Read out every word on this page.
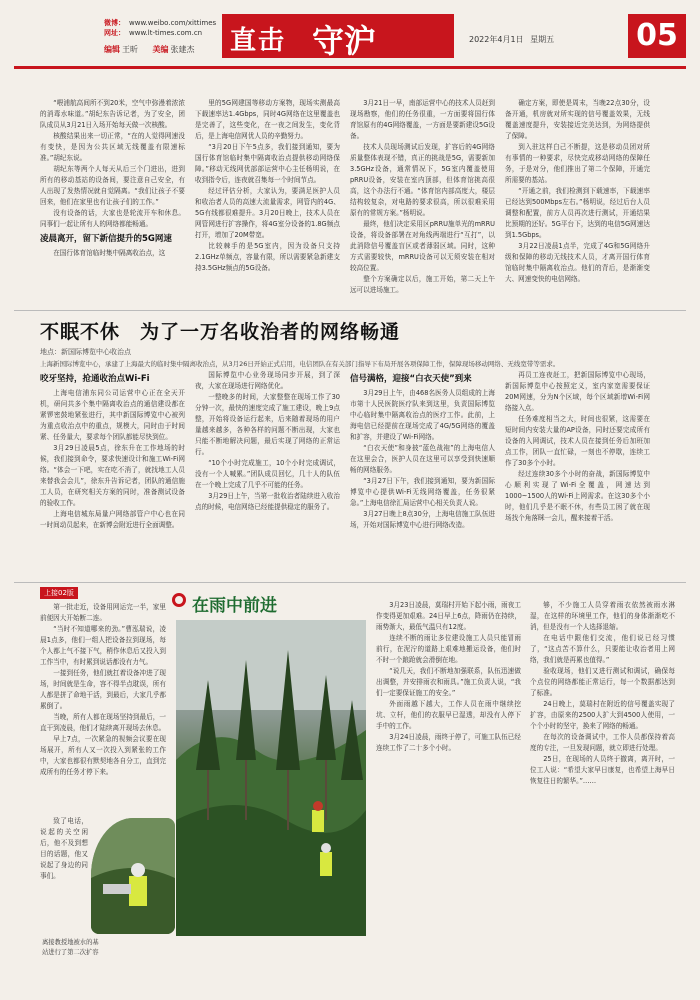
微博： www.weibo.com/xittimes
网址： www.lt-times.com.cn
编辑 王昕 美编 张建杰	直击 守沪	2022年4月1日 星期五	05

“喂浦航高间所不到20米，空气中弥漫着浓浓的消毒水味道。”胡纪东告诉记者，为了安全，团队成员从3月21日入场开始每天做一次核酸。

核酸结果出来一切正常，“在的人觉得网速没有变快，是因为公共区域无线覆盖有限速标准。”胡纪东说。

胡纪东等两个人每天从后三个门进出，进到所有的移动基站的设备间，要注意自己安全，有人出现了发热情况就自觉隔离。“我们让孩子不要回来，他们在家里也有让孩子们的工作。”

没有设备的话，大家也是轮流开车和休息。同事们一起让所有人的网络都能畅通。

凌晨离开，留下新信提升的5G网速

在国行体育馆临时集中隔离收治点，这

里的5G网建国等移动方案物，现场实测最高下载速率达1.4Gbps，同时4G网络在这里覆盖也是完善了，这些变化，在一夜之间发生，变化背后，是上海电信网优人员的辛勤努力。

“3月20日下午5点多，我们接到通知，要为国行体育馆临时集中隔离收治点提供移动网络保障。”移动无线网优部部运营中心主任杨明说，在收到指令后，连夜就召集每一个时间节点。

经过评估分析，大家认为，要满足医护人员和收治者人员的高速大流量需求，网管内的4G、5G有线都很难提升。3月20日晚上，技术人员在网管网进行扩容操作，将4G室分设备的1.8G频点打开，增加了20M带宽。

比较棘手的是5G室内，因为设备只支持2.1GHz单频点，容量有限，所以需要紧急新建支持3.5GHz频点的5G设备。

3月21日一早，南部运营中心的技术人员赶到现场勘察，他们的任务很重，一方面要将国行体育馆原有的4G网络覆盖，一方面是要新建设5G设备。

技术人员现场测试后发现，扩容后的4G网络质量整体表现不错，真正的挑战是5G，需要新加3.5GHz设备，通常情况下，5G室内覆盖使用pRRU设备，安装在室内顶部，但体育馆挑高很高，这个办法行不通。“体育馆内部高度大，楼层结构较复杂，对电路的要求很高，所以很难采用原有的常规方案。”杨明说。

最终，他们决定采用区pRRU施单光的mRRU设备，将设备部署在对角线两端进行“互打”，以此消除信号覆盖盲区或者薄弱区域。同时，这种方式需要较快，mRRU设备可以无须安装在相对较高位置。

整个方案确定以后，施工开始，第二天上午远可以进场施工。

确定方案，即使是周末，当晚22点30分，设备开通，机房就对所实现的信号覆盖效果，无线覆盖速度提升，安装接近完美达到，为网络提供了保障。

到入驻这样白己不断提，这是移动员团对所有事情的一种要求，尽快完成移动网络的保障任务，于是对分，他们推出了第二个保障，开通完所需要的基站。

“开通之前，我们检测到下载速率，下载速率已经达到500Mbps左右。”杨明说，经过后台人员调整和配置，前方人员再次进行测试，开通结果比预期的还好。5G平台下，达到的电信5G网速达到1.5Gbps。

3月22日凌晨1点半，完成了4G和5G网络升级和保障的移动无线技术人员，才离开国行体育馆临时集中隔离收治点。他们的背后，是渐渐变大、网速变快的电信网络。

不眠不休　为了一万名收治者的网络畅通
地点：新国际博览中心收治点
上海新国际博览中心，承建了上海最大的临时集中隔离收治点，从3月26日开始正式启用，电信团队在有关部门指导下布局开展各项保障工作，保障现场移动网络、无线宽带等需求。
咬牙坚持，抢通收治点Wi-Fi

上海电信浦东同公司运营中心正在全天开机，研问共多个集中隔离收治点的通信建设都在紧锣密鼓地紧张进行，其中新国际博览中心被列为重点收治点中的重点，规模大，同时由于时间紧、任务量大，要求每个团队都能尽快到位。

3月29日凌晨5点，徐东升在工作地场的时候，我们接到命令，要求快速设计和施工Wi-Fi网络。“体会一下吧，实在吃不消了，就找地工人员来替我会会儿”，徐东升告诉记者，团队的通信施工人员，在研究相关方案的同时，准备测试设备的验收工作。

上海电信城东局量户网络部管户中心也在同一时间动员起来，在新博会附近进行全面调整。

国际博览中心业务现场同步开展，到了深夜，大家在现场进行网络优化。

一整晚多的时间，大家整整在现场工作了30分钟一次，最快的速度完成了施工建设，晚上9点整，开始将设备运行起来，后来随着现场的用户量越来越多，各种各样的问题不断出现，大家也只能不断地解决问题，最后实现了网络的正常运行。

“10个小时完成施工，10个小时完成调试，没有一个人喊累。”团队成员回忆，几十人的队伍在一个晚上完成了几乎不可能的任务。

3月29日上午，当第一批收治者陆续进入收治点的时候，电信网络已经能提供稳定的服务了。

信号满格，迎接“白衣天使”到来

3月29日上午，由468名医务人员组成的上海市第十人民医院医疗队来到这里，负责国际博览中心临时集中隔离收治点的医疗工作。此前，上海电信已经提前在现场完成了4G/5G网络的覆盖和扩容，并建设了Wi-Fi网络。

“白衣天使”和身披“蓝色战袍”的上海电信人在这里会合，医护人员在这里可以享受到快速顺畅的网络服务。

“3月27日下午，我们接到通知，要为新国际博览中心提供Wi-Fi无线网络覆盖，任务很紧急。”上海电信徐汇局运营中心相关负责人说。

3月27日晚上8点30分，上海电信施工队伍进场，开始对国际博览中心进行网络改造。

再员工连夜赶工，把新国际博览中心现场，新国际博览中心按照定义，室内家宽需要保证20M网速，分为N个区域，每个区域新增Wi-Fi网络接入点。

任务难度相当之大，时间也很紧，这需要在短时间内安装大量的AP设备，同时还要完成所有设备的入网调试，技术人员在接到任务后加班加点工作，团队一直忙碌，一刻也不停歇，连续工作了30多个小时。

经过连续30多个小时的奋战，新国际博览中心顺利实现了Wi-Fi全覆盖，网速达到1000~1500人的Wi-Fi上网需求。在这30多个小时，他们几乎是不眠不休，有些员工困了就在现场找个角落眯一会儿，醒来接着干活。

上接02版

第一批走近，设备用网运完一半，家里前便因大开始断二连。

“当时不知道哪来的劲。”曹泓瑞说，凌晨1点多，他们一组人把设备拉到现场，每个人都上气不接下气，稍作休息后又投入到工作当中，有时累到说话都没有力气。

一接到任务，他们就扛着设备冲进了现场，时间就是生命，容不得半点耽误，所有人都是拼了命地干活，到最后，大家几乎都累倒了。

当晚，所有人都在现场坚持到最后，一直干到凌晨，他们才陆续离开现场去休息。

早上7点，一次紧急的视频会议要在现场展开，所有人又一次投入到紧张的工作中，大家也都很有默契地各自分工，直到完成所有的任务才停下来。

致了电话，说起的关空闲后，他不及到想目的话题，他又说起了身边的同事们。

在雨中前进
离接教授地被水的基
站进行了第二次扩容

3月23日凌晨，莫瑞村开始下起小雨，雨夜工作变得更加艰难。24日早上6点，降雨仍在持续，雨势渐大，最低气温只有12度。

连续不断的雨让多位建设施工人员只能冒雨前行，在泥泞的道路上艰难地搬运设备，他们时不时一个踉跄就会滑倒在地。

“说几天，我们不断地加强联系，队伍迅速做出调整，并安排雨衣和雨具。”施工负责人说，“我们一定要保证施工的安全。”

外面雨越下越大，工作人员在雨中继续挖坑、立杆，他们的衣服早已湿透，却没有人停下手中的工作。

3月24日凌晨，雨终于停了，可施工队伍已经连续工作了二十多个小时。

够，不少施工人员穿着雨衣依然被雨水淋湿，在这样的环境里工作，他们的身体渐渐吃不消，但是没有一个人选择退缩。

在电话中跟他们交流，他们说已经习惯了，“这点苦不算什么，只要能让收治者用上网络，我们就是再累也值得。”

验收现场，他们又进行测试和调试，确保每个点位的网络都能正常运行，每一个数据都达到了标准。

24日晚上，莫瑞村在附近的信号覆盖实现了扩容，由原来的2500人扩大到4500人使用，一个个小时的坚守，换来了网络的畅通。

在每次的设备调试中，工作人员都保持着高度的专注，一旦发现问题，就立即进行处理。

25日，在现场的人员终于撤离，离开时，一位工人说：“希望大家早日康复，也希望上海早日恢复往日的繁华。”……
